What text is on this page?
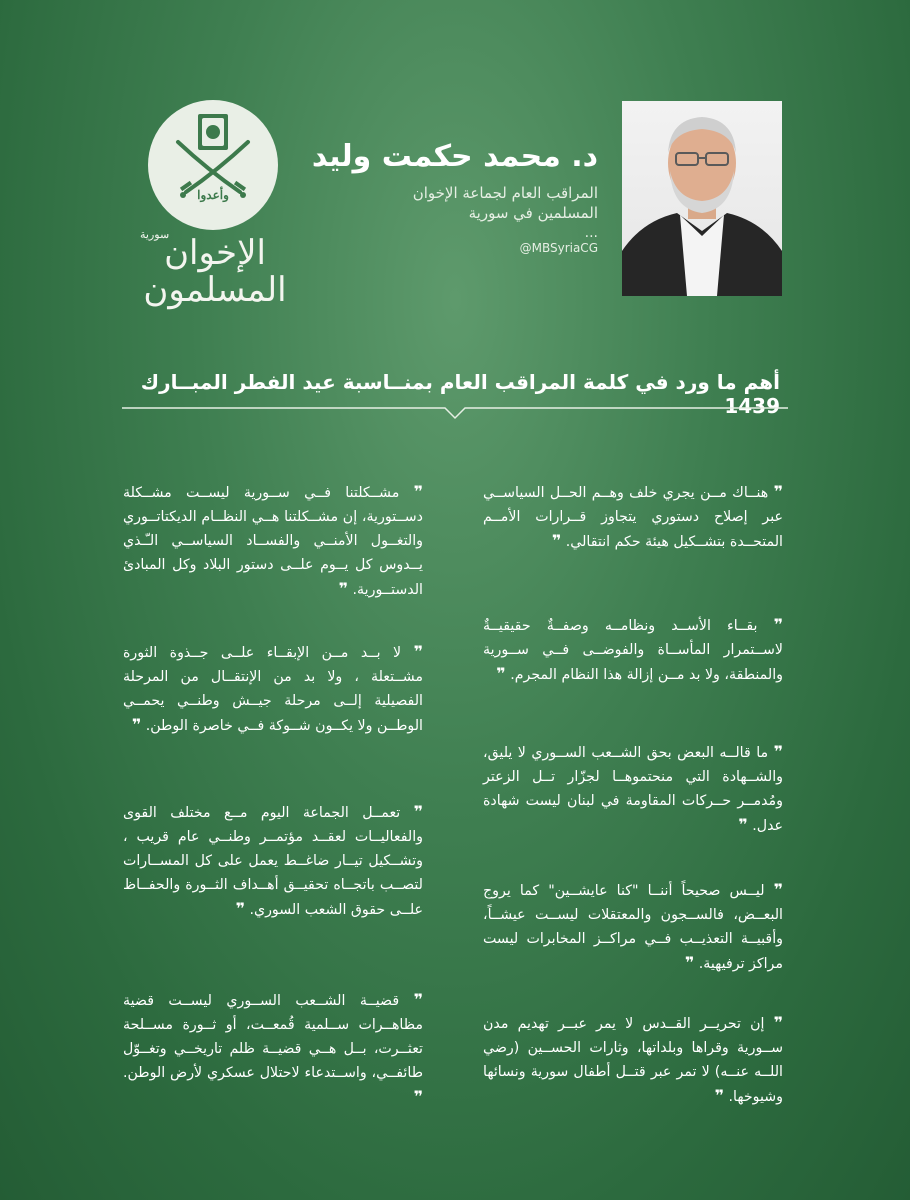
وأعدوا
سورية
الإخوان المسلمون
د. محمد حكمت وليد
المراقب العام لجماعة الإخوان المسلمين في سورية
...
@MBSyriaCG
أهم ما ورد في كلمة المراقب العام بمنــاسبة عيد الفطر المبــارك 1439
❞ هنــاك مــن يجري خلف وهــم الحــل السياســي عبر إصلاح دستوري يتجاوز قــرارات الأمــم المتحــدة بتشــكيل هيئة حكم انتقالي. ❞
❞ بقــاء الأســد ونظامــه وصفــةٌ حقيقيــةٌ لاســتمرار المأســاة والفوضــى فــي ســورية والمنطقة، ولا بد مــن إزالة هذا النظام المجرم. ❞
❞ ما قالــه البعض بحق الشــعب الســوري لا يليق، والشــهادة التي منحتموهــا لجزّار تــل الزعتر ومُدمــر حــركات المقاومة في لبنان ليست شهادة عدل. ❞
❞ ليــس صحيحاً أننــا "كنا عايشــين" كما يروج البعــض، فالســجون والمعتقلات ليســت عيشــاً، وأقبيــة التعذيــب فــي مراكــز المخابرات ليست مراكز ترفيهية. ❞
❞ إن تحريــر القــدس لا يمر عبــر تهديم مدن ســورية وقراها وبلداتها، وثارات الحســين (رضي اللــه عنــه) لا تمر عبر قتــل أطفال سورية ونسائها وشيوخها. ❞
❞ مشــكلتنا فــي ســورية ليســت مشــكلة دســتورية، إن مشــكلتنا هــي النظــام الديكتاتــوري والتغــول الأمنــي والفســاد السياســي الـّـذي يــدوس كل يــوم علــى دستور البلاد وكل المبادئ الدستــورية. ❞
❞ لا بــد مــن الإبقــاء علــى جــذوة الثورة مشــتعلة ، ولا بد من الإنتقــال من المرحلة الفصيلية إلــى مرحلة جيــش وطنــي يحمــي الوطــن ولا يكــون شــوكة فــي خاصرة الوطن. ❞
❞ تعمــل الجماعة اليوم مــع مختلف القوى والفعاليــات لعقــد مؤتمــر وطنــي عام قريب ، وتشــكيل تيــار ضاغــط يعمل على كل المســارات لتصــب باتجــاه تحقيــق أهــداف الثــورة والحفــاظ علــى حقوق الشعب السوري. ❞
❞ قضيــة الشــعب الســوري ليســت قضية مظاهــرات ســلمية قُمعــت، أو ثــورة مســلحة تعثــرت، بــل هــي قضيــة ظلم تاريخــي وتغــوّل طائفــي، واســتدعاء لاحتلال عسكري لأرض الوطن. ❞
